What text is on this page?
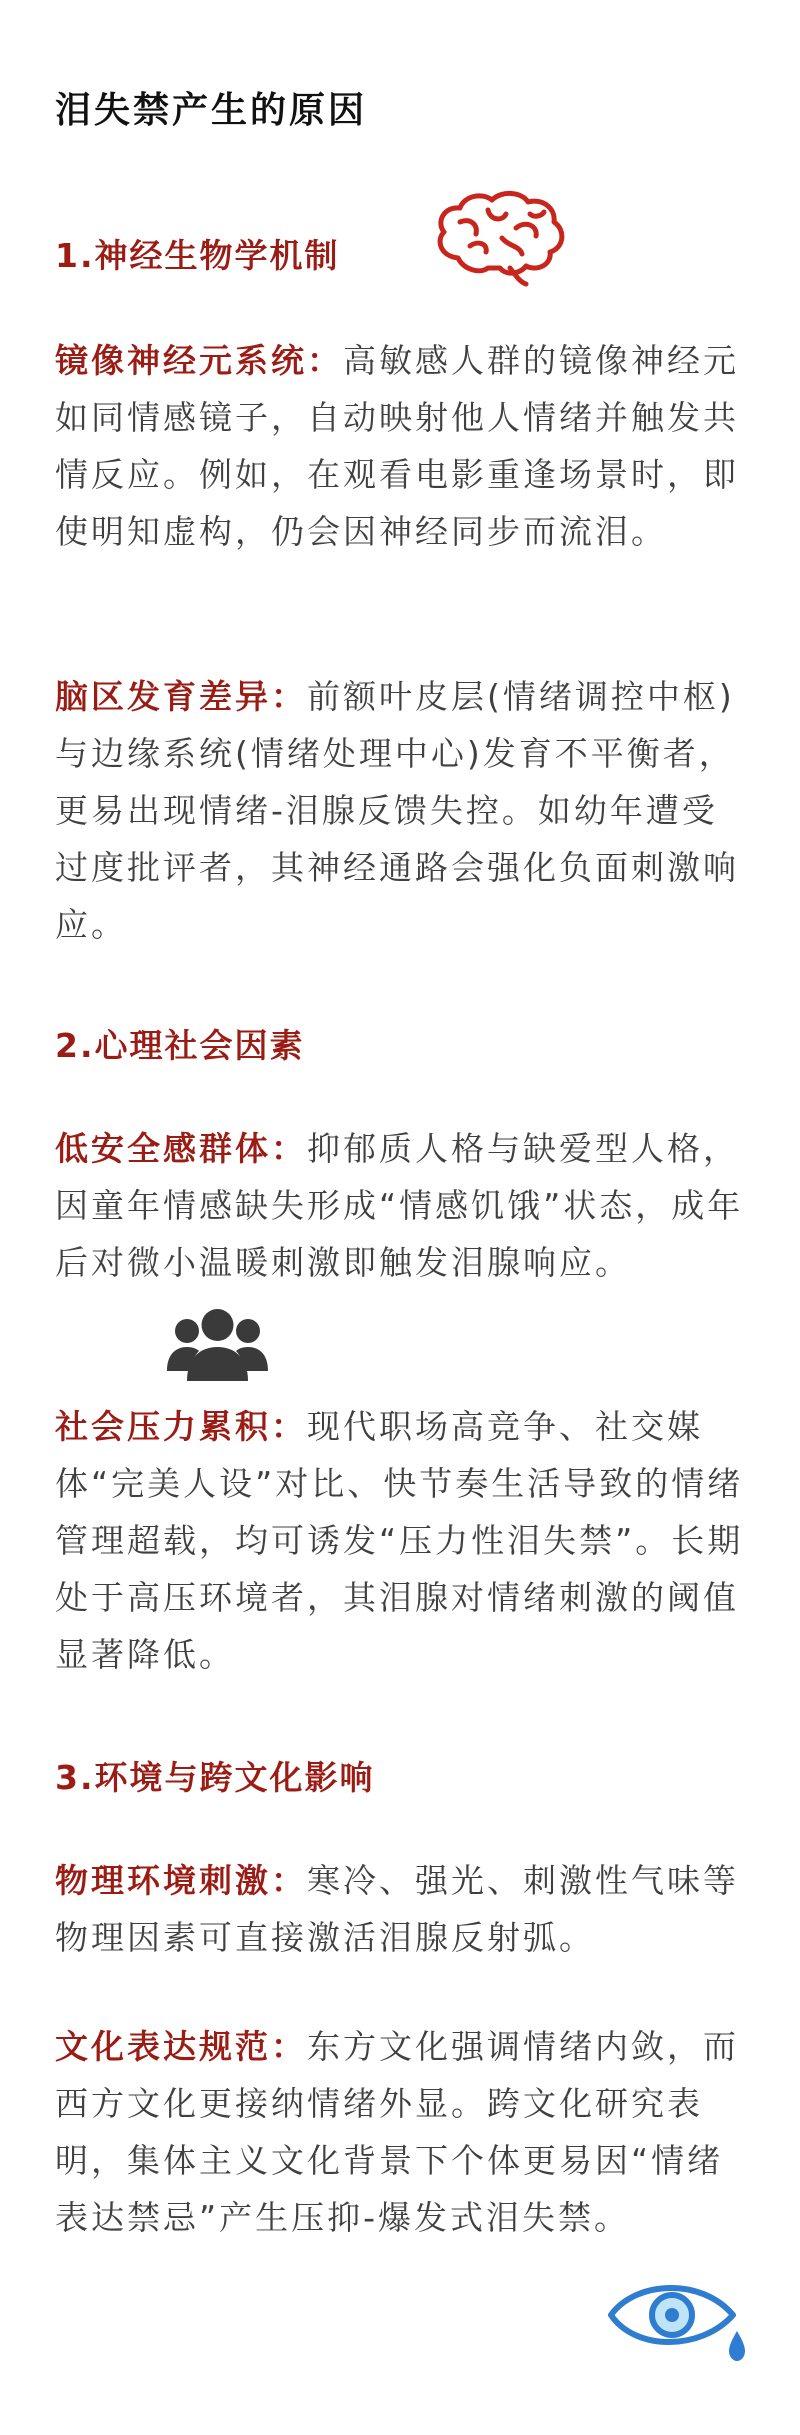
泪失禁产生的原因
1.神经生物学机制

镜像神经元系统：高敏感人群的镜像神经元如同情感镜子，自动映射他人情绪并触发共情反应。例如，在观看电影重逢场景时，即使明知虚构，仍会因神经同步而流泪。

脑区发育差异：前额叶皮层(情绪调控中枢)与边缘系统(情绪处理中心)发育不平衡者，更易出现情绪-泪腺反馈失控。如幼年遭受过度批评者，其神经通路会强化负面刺激响应。

2.心理社会因素

低安全感群体：抑郁质人格与缺爱型人格，因童年情感缺失形成“情感饥饿”状态，成年后对微小温暖刺激即触发泪腺响应。

社会压力累积：现代职场高竞争、社交媒体“完美人设”对比、快节奏生活导致的情绪管理超载，均可诱发“压力性泪失禁”。长期处于高压环境者，其泪腺对情绪刺激的阈值显著降低。

3.环境与跨文化影响

物理环境刺激：寒冷、强光、刺激性气味等物理因素可直接激活泪腺反射弧。

文化表达规范：东方文化强调情绪内敛，而西方文化更接纳情绪外显。跨文化研究表明，集体主义文化背景下个体更易因“情绪表达禁忌”产生压抑-爆发式泪失禁。
